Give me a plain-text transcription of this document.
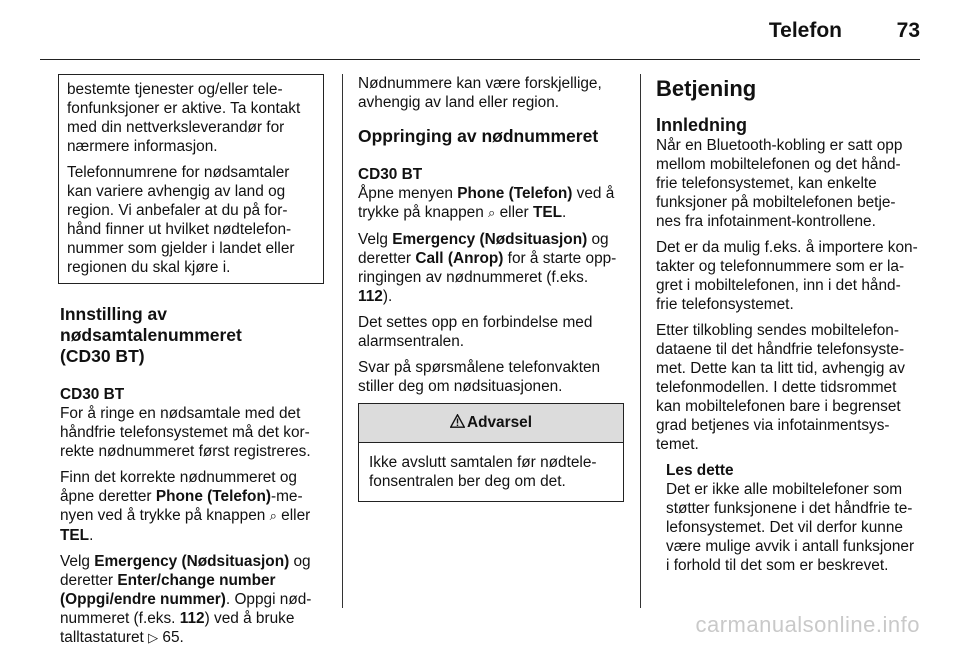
Telefon	73

bestemte tjenester og/eller tele-fonfunksjoner er aktive. Ta kontakt med din nettverksleverandør for nærmere informasjon.

Telefonnumrene for nødsamtaler kan variere avhengig av land og region. Vi anbefaler at du på for-hånd finner ut hvilket nødtelefon-nummer som gjelder i landet eller regionen du skal kjøre i.

Innstilling av
nødsamtalenummeret
(CD30 BT)
CD30 BT

For å ringe en nødsamtale med det håndfrie telefonsystemet må det kor-rekte nødnummeret først registreres.

Finn det korrekte nødnummeret og åpne deretter Phone (Telefon)-me-nyen ved å trykke på knappen ⌕ eller TEL.

Velg Emergency (Nødsituasjon) og deretter Enter/change number (Oppgi/endre nummer). Oppgi nød-nummeret (f.eks. 112) ved å bruke talltastaturet ▷ 65.

Nødnummere kan være forskjellige, avhengig av land eller region.

Oppringing av nødnummeret
CD30 BT

Åpne menyen Phone (Telefon) ved å trykke på knappen ⌕ eller TEL.

Velg Emergency (Nødsituasjon) og deretter Call (Anrop) for å starte opp-ringingen av nødnummeret (f.eks. 112).

Det settes opp en forbindelse med alarmsentralen.

Svar på spørsmålene telefonvakten stiller deg om nødsituasjonen.

Advarsel
Ikke avslutt samtalen før nødtele-fonsentralen ber deg om det.
Betjening
Innledning

Når en Bluetooth-kobling er satt opp mellom mobiltelefonen og det hånd-frie telefonsystemet, kan enkelte funksjoner på mobiltelefonen betje-nes fra infotainment-kontrollene.

Det er da mulig f.eks. å importere kon-takter og telefonnummere som er la-gret i mobiltelefonen, inn i det hånd-frie telefonsystemet.

Etter tilkobling sendes mobiltelefon-dataene til det håndfrie telefonsyste-met. Dette kan ta litt tid, avhengig av telefonmodellen. I dette tidsrommet kan mobiltelefonen bare i begrenset grad betjenes via infotainmentsys-temet.

Les dette

Det er ikke alle mobiltelefoner som støtter funksjonene i det håndfrie te-lefonsystemet. Det vil derfor kunne være mulige avvik i antall funksjoner i forhold til det som er beskrevet.

carmanualsonline.info
